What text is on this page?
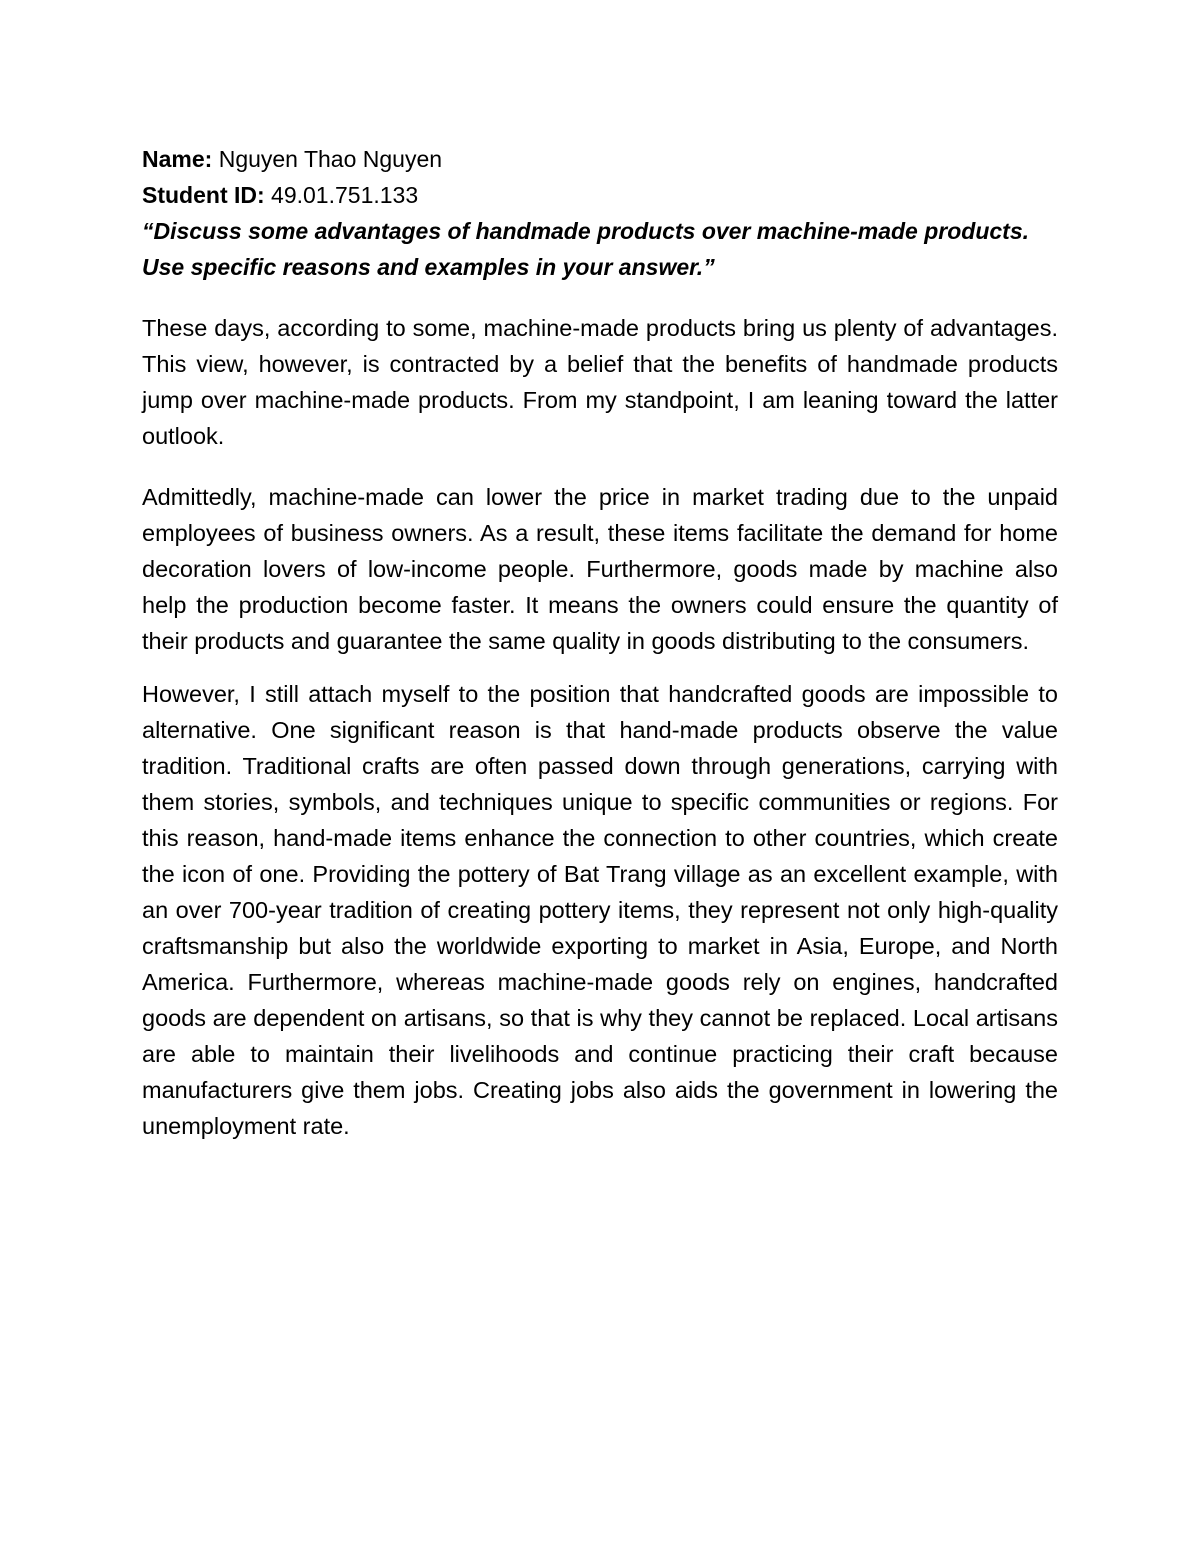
Name: Nguyen Thao Nguyen

Student ID: 49.01.751.133

“Discuss some advantages of handmade products over machine-made products.
Use specific reasons and examples in your answer.”

These days, according to some, machine-made products bring us plenty of advantages. This view, however, is contracted by a belief that the benefits of handmade products jump over machine-made products. From my standpoint, I am leaning toward the latter outlook.

Admittedly, machine-made can lower the price in market trading due to the unpaid employees of business owners. As a result, these items facilitate the demand for home decoration lovers of low-income people. Furthermore, goods made by machine also help the production become faster. It means the owners could ensure the quantity of their products and guarantee the same quality in goods distributing to the consumers.

However, I still attach myself to the position that handcrafted goods are impossible to alternative. One significant reason is that hand-made products observe the value tradition. Traditional crafts are often passed down through generations, carrying with them stories, symbols, and techniques unique to specific communities or regions. For this reason, hand-made items enhance the connection to other countries, which create the icon of one. Providing the pottery of Bat Trang village as an excellent example, with an over 700-year tradition of creating pottery items, they represent not only high-quality craftsmanship but also the worldwide exporting to market in Asia, Europe, and North America. Furthermore, whereas machine-made goods rely on engines, handcrafted goods are dependent on artisans, so that is why they cannot be replaced. Local artisans are able to maintain their livelihoods and continue practicing their craft because manufacturers give them jobs. Creating jobs also aids the government in lowering the unemployment rate.
